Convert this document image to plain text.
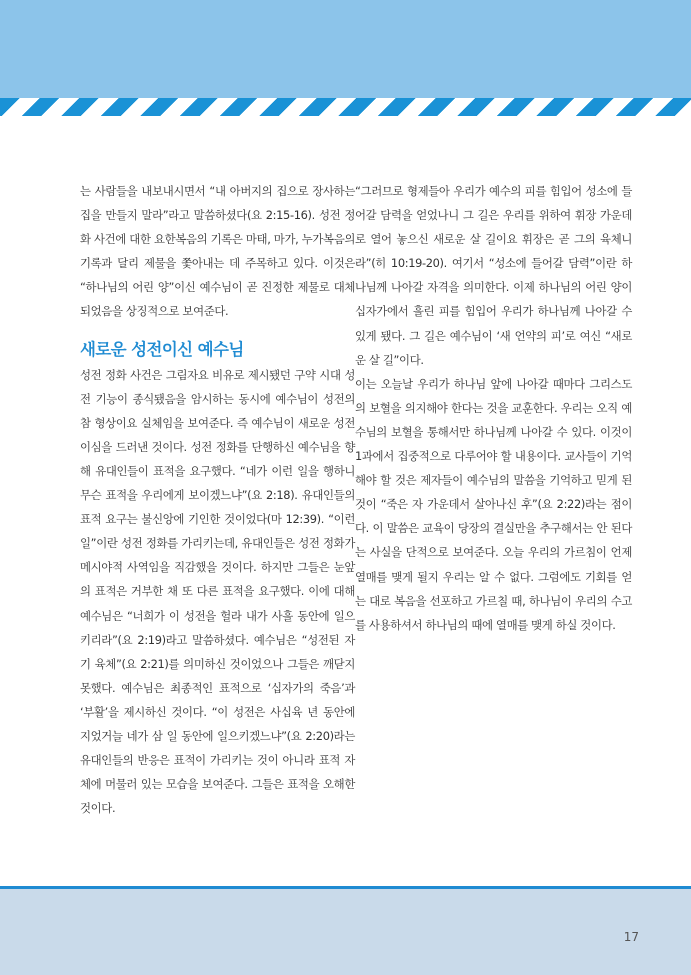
는 사람들을 내보내시면서 “내 아버지의 집으로 장사하는 집을 만들지 말라”라고 말씀하셨다(요 2:15-16). 성전 정화 사건에 대한 요한복음의 기록은 마태, 마가, 누가복음의 기록과 달리 제물을 쫓아내는 데 주목하고 있다. 이것은 “하나님의 어린 양”이신 예수님이 곧 진정한 제물로 대체되었음을 상징적으로 보여준다.

새로운 성전이신 예수님

성전 정화 사건은 그림자요 비유로 제시됐던 구약 시대 성전 기능이 종식됐음을 암시하는 동시에 예수님이 성전의 참 형상이요 실체임을 보여준다. 즉 예수님이 새로운 성전이심을 드러낸 것이다. 성전 정화를 단행하신 예수님을 향해 유대인들이 표적을 요구했다. “네가 이런 일을 행하니 무슨 표적을 우리에게 보이겠느냐”(요 2:18). 유대인들의 표적 요구는 불신앙에 기인한 것이었다(마 12:39). “이런 일”이란 성전 정화를 가리키는데, 유대인들은 성전 정화가 메시야적 사역임을 직감했을 것이다. 하지만 그들은 눈앞의 표적은 거부한 채 또 다른 표적을 요구했다. 이에 대해 예수님은 “너희가 이 성전을 헐라 내가 사흘 동안에 일으키리라”(요 2:19)라고 말씀하셨다. 예수님은 “성전된 자기 육체”(요 2:21)를 의미하신 것이었으나 그들은 깨닫지 못했다. 예수님은 최종적인 표적으로 ‘십자가의 죽음’과 ‘부활’을 제시하신 것이다. “이 성전은 사십육 년 동안에 지었거늘 네가 삼 일 동안에 일으키겠느냐”(요 2:20)라는 유대인들의 반응은 표적이 가리키는 것이 아니라 표적 자체에 머물러 있는 모습을 보여준다. 그들은 표적을 오해한 것이다.

“그러므로 형제들아 우리가 예수의 피를 힘입어 성소에 들어갈 담력을 얻었나니 그 길은 우리를 위하여 휘장 가운데로 열어 놓으신 새로운 살 길이요 휘장은 곧 그의 육체니라”(히 10:19-20). 여기서 “성소에 들어갈 담력”이란 하나님께 나아갈 자격을 의미한다. 이제 하나님의 어린 양이 십자가에서 흘린 피를 힘입어 우리가 하나님께 나아갈 수 있게 됐다. 그 길은 예수님이 ‘새 언약의 피’로 여신 “새로운 살 길”이다.

이는 오늘날 우리가 하나님 앞에 나아갈 때마다 그리스도의 보혈을 의지해야 한다는 것을 교훈한다. 우리는 오직 예수님의 보혈을 통해서만 하나님께 나아갈 수 있다. 이것이 1과에서 집중적으로 다루어야 할 내용이다. 교사들이 기억해야 할 것은 제자들이 예수님의 말씀을 기억하고 믿게 된 것이 “죽은 자 가운데서 살아나신 후”(요 2:22)라는 점이다. 이 말씀은 교육이 당장의 결실만을 추구해서는 안 된다는 사실을 단적으로 보여준다. 오늘 우리의 가르침이 언제 열매를 맺게 될지 우리는 알 수 없다. 그럼에도 기회를 얻는 대로 복음을 선포하고 가르칠 때, 하나님이 우리의 수고를 사용하셔서 하나님의 때에 열매를 맺게 하실 것이다.

17
